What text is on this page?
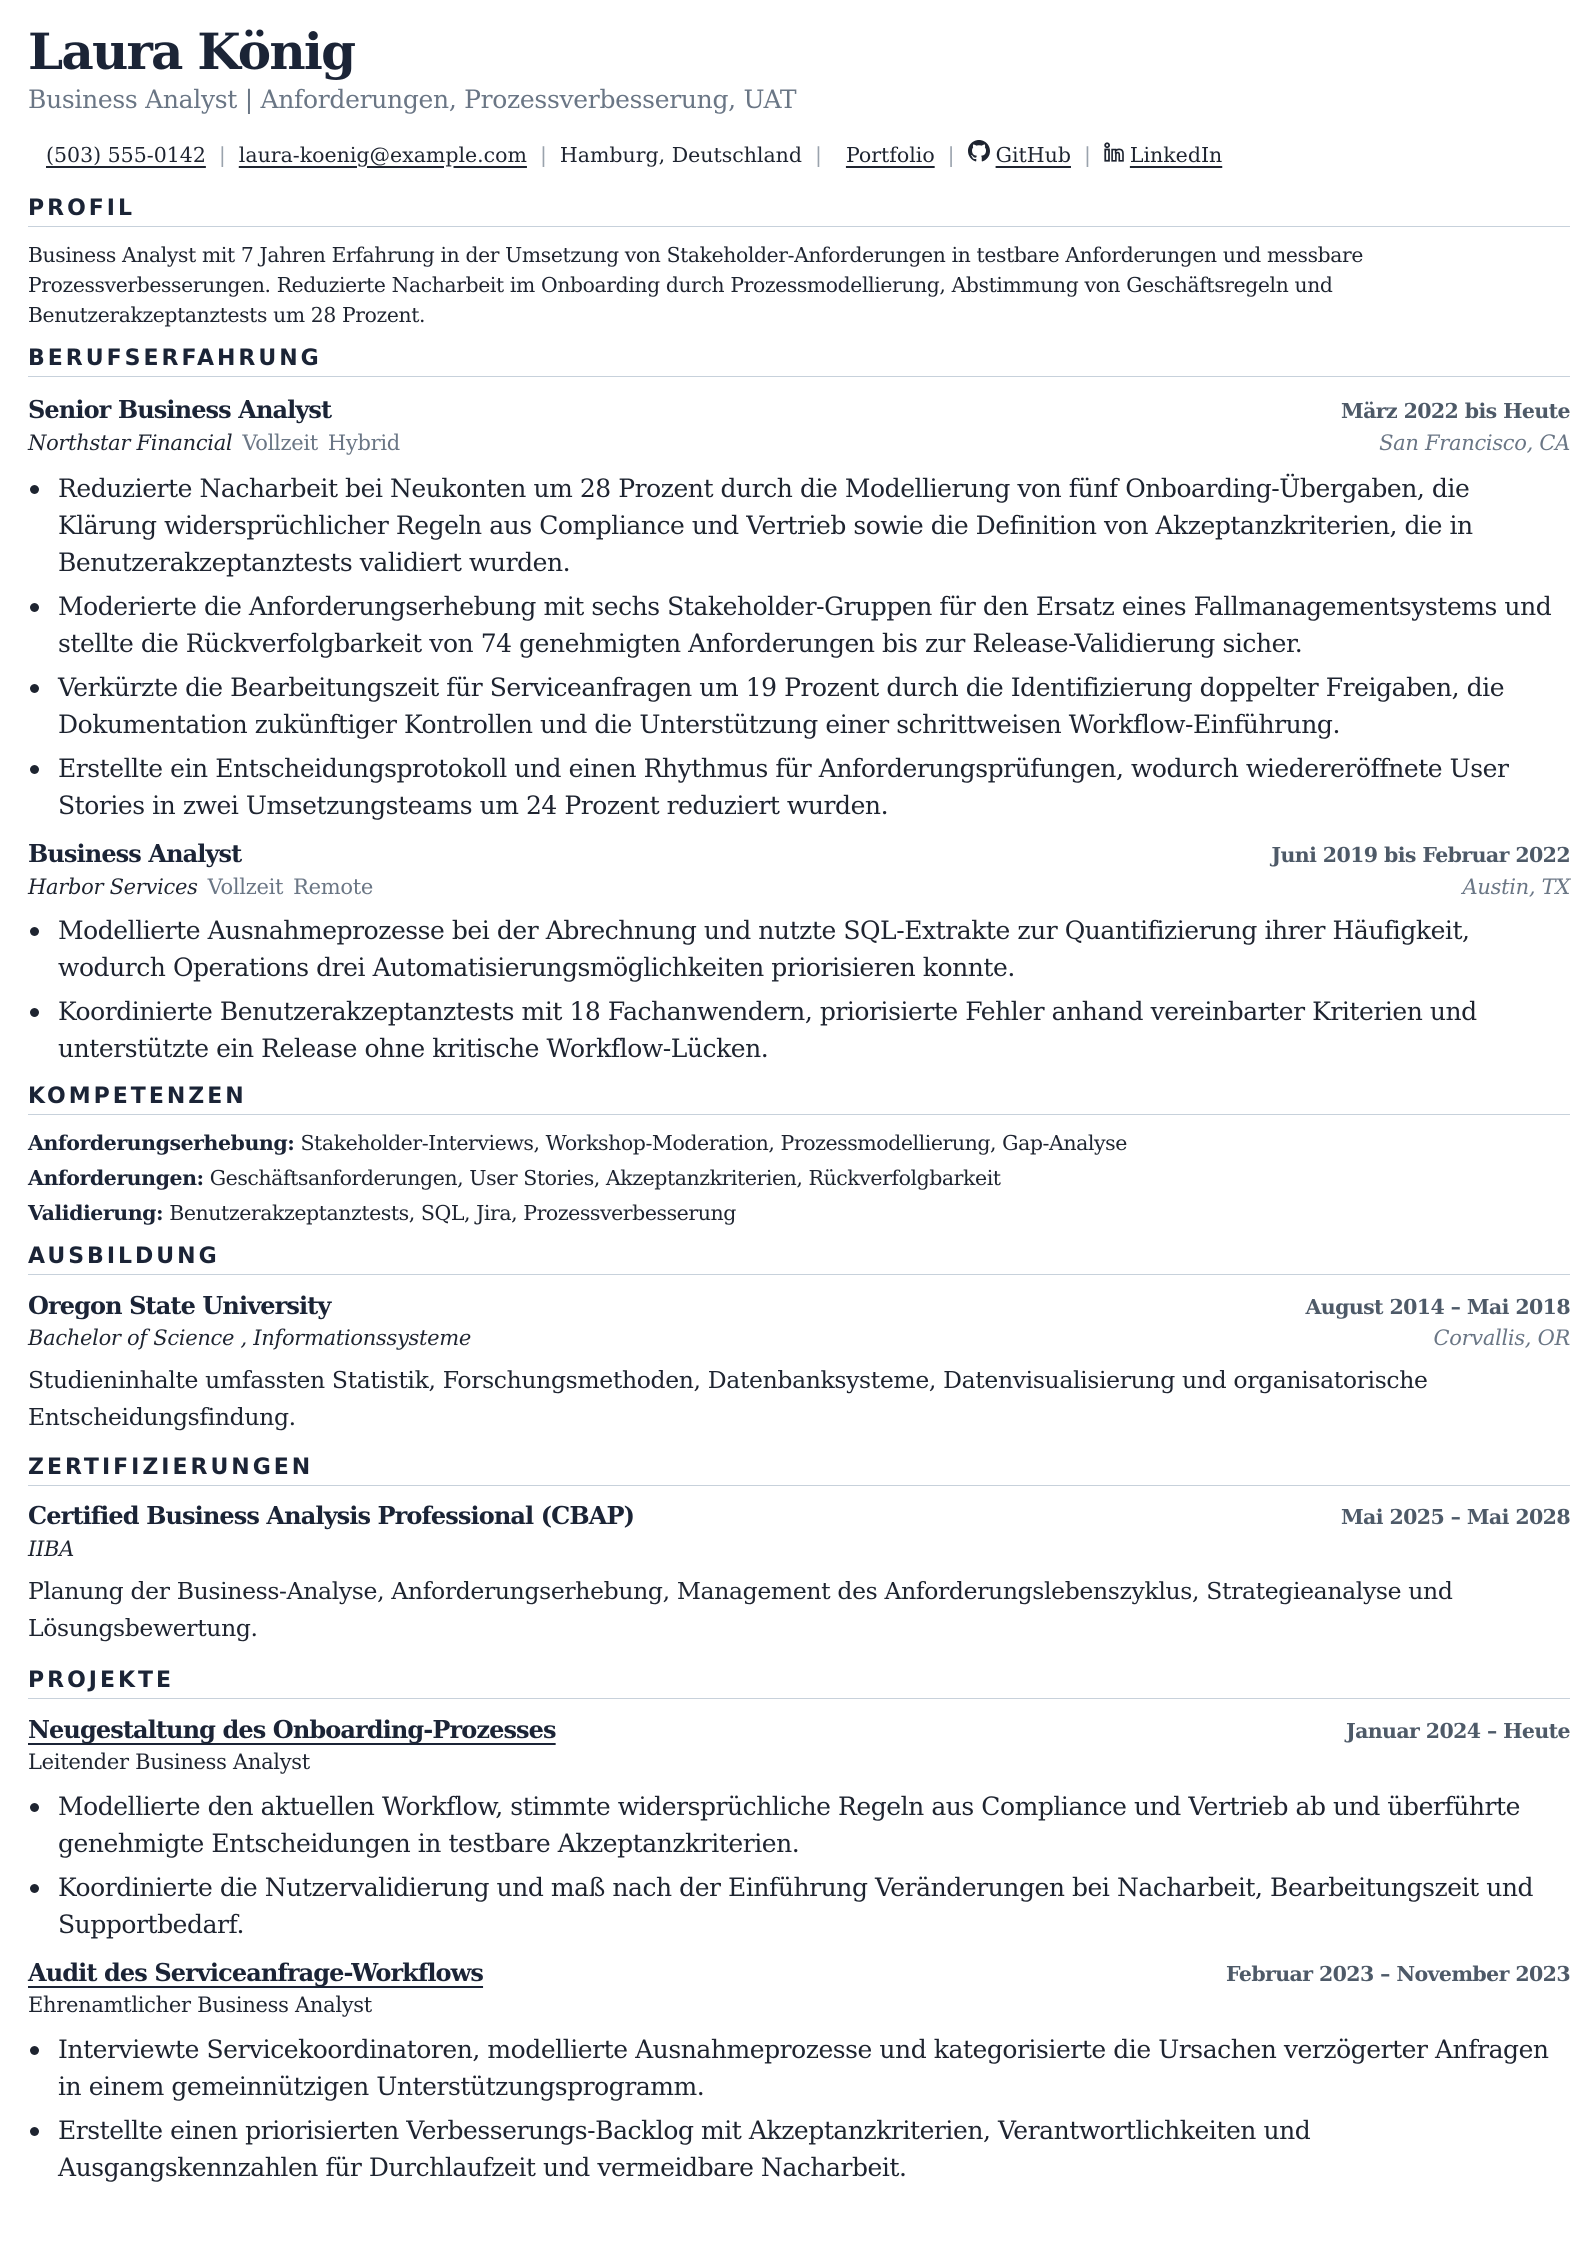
Laura König
Business Analyst | Anforderungen, Prozessverbesserung, UAT
(503) 555-0142 | laura-koenig@example.com | Hamburg, Deutschland | Portfolio | GitHub | LinkedIn
PROFIL
Business Analyst mit 7 Jahren Erfahrung in der Umsetzung von Stakeholder-Anforderungen in testbare Anforderungen und messbare Prozessverbesserungen. Reduzierte Nacharbeit im Onboarding durch Prozessmodellierung, Abstimmung von Geschäftsregeln und Benutzerakzeptanztests um 28 Prozent.
BERUFSERFAHRUNG
Senior Business Analyst	März 2022 bis Heute
Northstar Financial Vollzeit Hybrid	San Francisco, CA
Reduzierte Nacharbeit bei Neukonten um 28 Prozent durch die Modellierung von fünf Onboarding-Übergaben, die Klärung widersprüchlicher Regeln aus Compliance und Vertrieb sowie die Definition von Akzeptanzkriterien, die in Benutzerakzeptanztests validiert wurden.
Moderierte die Anforderungserhebung mit sechs Stakeholder-Gruppen für den Ersatz eines Fallmanagementsystems und stellte die Rückverfolgbarkeit von 74 genehmigten Anforderungen bis zur Release-Validierung sicher.
Verkürzte die Bearbeitungszeit für Serviceanfragen um 19 Prozent durch die Identifizierung doppelter Freigaben, die Dokumentation zukünftiger Kontrollen und die Unterstützung einer schrittweisen Workflow-Einführung.
Erstellte ein Entscheidungsprotokoll und einen Rhythmus für Anforderungsprüfungen, wodurch wiedereröffnete User Stories in zwei Umsetzungsteams um 24 Prozent reduziert wurden.
Business Analyst	Juni 2019 bis Februar 2022
Harbor Services Vollzeit Remote	Austin, TX
Modellierte Ausnahmeprozesse bei der Abrechnung und nutzte SQL-Extrakte zur Quantifizierung ihrer Häufigkeit, wodurch Operations drei Automatisierungsmöglichkeiten priorisieren konnte.
Koordinierte Benutzerakzeptanztests mit 18 Fachanwendern, priorisierte Fehler anhand vereinbarter Kriterien und unterstützte ein Release ohne kritische Workflow-Lücken.
KOMPETENZEN
Anforderungserhebung: Stakeholder-Interviews, Workshop-Moderation, Prozessmodellierung, Gap-Analyse
Anforderungen: Geschäftsanforderungen, User Stories, Akzeptanzkriterien, Rückverfolgbarkeit
Validierung: Benutzerakzeptanztests, SQL, Jira, Prozessverbesserung
AUSBILDUNG
Oregon State University	August 2014 – Mai 2018
Bachelor of Science , Informationssysteme	Corvallis, OR
Studieninhalte umfassten Statistik, Forschungsmethoden, Datenbanksysteme, Datenvisualisierung und organisatorische Entscheidungsfindung.
ZERTIFIZIERUNGEN
Certified Business Analysis Professional (CBAP)	Mai 2025 – Mai 2028
IIBA
Planung der Business-Analyse, Anforderungserhebung, Management des Anforderungslebenszyklus, Strategieanalyse und Lösungsbewertung.
PROJEKTE
Neugestaltung des Onboarding-Prozesses	Januar 2024 – Heute
Leitender Business Analyst
Modellierte den aktuellen Workflow, stimmte widersprüchliche Regeln aus Compliance und Vertrieb ab und überführte genehmigte Entscheidungen in testbare Akzeptanzkriterien.
Koordinierte die Nutzervalidierung und maß nach der Einführung Veränderungen bei Nacharbeit, Bearbeitungszeit und Supportbedarf.
Audit des Serviceanfrage-Workflows	Februar 2023 – November 2023
Ehrenamtlicher Business Analyst
Interviewte Servicekoordinatoren, modellierte Ausnahmeprozesse und kategorisierte die Ursachen verzögerter Anfragen in einem gemeinnützigen Unterstützungsprogramm.
Erstellte einen priorisierten Verbesserungs-Backlog mit Akzeptanzkriterien, Verantwortlichkeiten und Ausgangskennzahlen für Durchlaufzeit und vermeidbare Nacharbeit.
